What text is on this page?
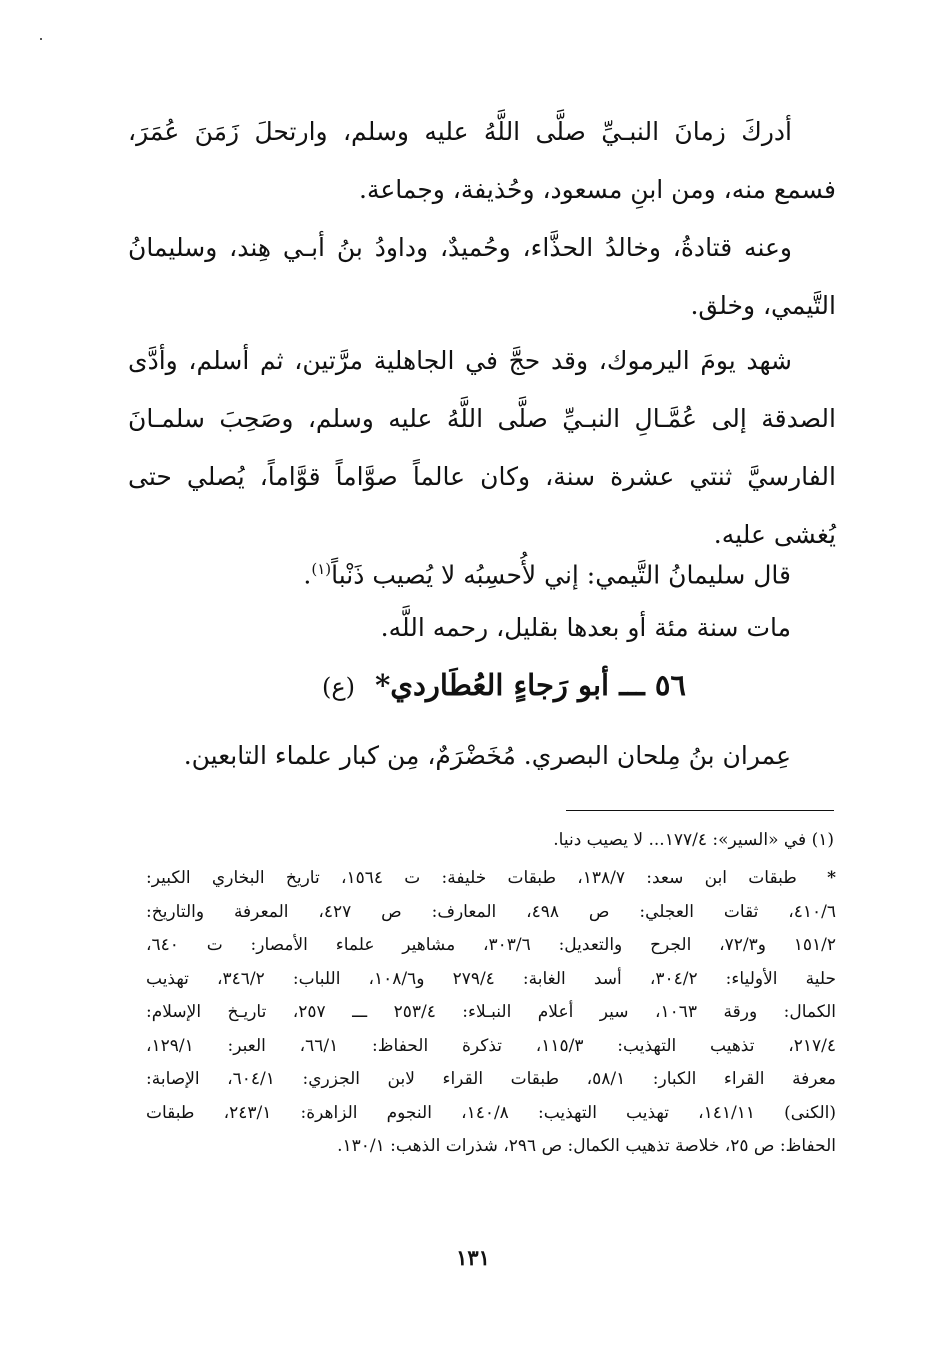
أدركَ زمانَ النبـيِّ صلَّى اللَّهُ عليه وسلم، وارتحلَ زَمَنَ عُمَرَ، فسمع منه، ومن ابنِ مسعود، وحُذيفة، وجماعة.

وعنه قتادةُ، وخالدُ الحذَّاء، وحُميدٌ، وداودُ بنُ أبـي هِند، وسليمانُ التَّيمي، وخلق.

شهد يومَ اليرموك، وقد حجَّ في الجاهلية مرَّتين، ثم أسلم، وأدَّى الصدقة إلى عُمَّـالِ النبـيِّ صلَّى اللَّهُ عليه وسلم، وصَحِبَ سلمـانَ الفارسيَّ ثنتي عشرة سنة، وكان عالماً صوَّاماً قوَّاماً، يُصلي حتى يُغشى عليه.

قال سليمانُ التَّيمي: إني لأُحسِبُه لا يُصيب ذَنْباً$^{(١)}$.

مات سنة مئة أو بعدها بقليل، رحمه اللَّه.

٥٦ ـــ أبو رَجاءٍ العُطَاردي* (ع)

عِمران بنُ مِلحان البصري. مُخَضْرَمٌ، مِن كبار علماء التابعين.

(١) في «السير»: ١٧٧/٤... لا يصيب دنيا.
* طبقات ابن سعد: ١٣٨/٧، طبقات خليفة: ت ١٥٦٤، تاريخ البخاري الكبير:
٤١٠/٦، ثقات العجلي: ص ٤٩٨، المعارف: ص ٤٢٧، المعرفة والتاريخ:
١٥١/٢ و٧٢/٣، الجرح والتعديل: ٣٠٣/٦، مشاهير علماء الأمصار: ت ٦٤٠،
حلية الأولياء: ٣٠٤/٢، أسد الغابة: ٢٧٩/٤ و١٠٨/٦، اللباب: ٣٤٦/٢، تهذيب
الكمال: ورقة ١٠٦٣، سير أعلام النبـلاء: ٢٥٣/٤ ـــ ٢٥٧، تاريـخ الإسلام:
٢١٧/٤، تذهيب التهذيب: ١١٥/٣، تذكرة الحفاظ: ٦٦/١، العبر: ١٢٩/١،
معرفة القراء الكبار: ٥٨/١، طبقات القراء لابن الجزري: ٦٠٤/١، الإصابة:
(الكنى) ١٤١/١١، تهذيب التهذيب: ١٤٠/٨، النجوم الزاهرة: ٢٤٣/١، طبقات
الحفاظ: ص ٢٥، خلاصة تذهيب الكمال: ص ٢٩٦، شذرات الذهب: ١٣٠/١.
١٣١
